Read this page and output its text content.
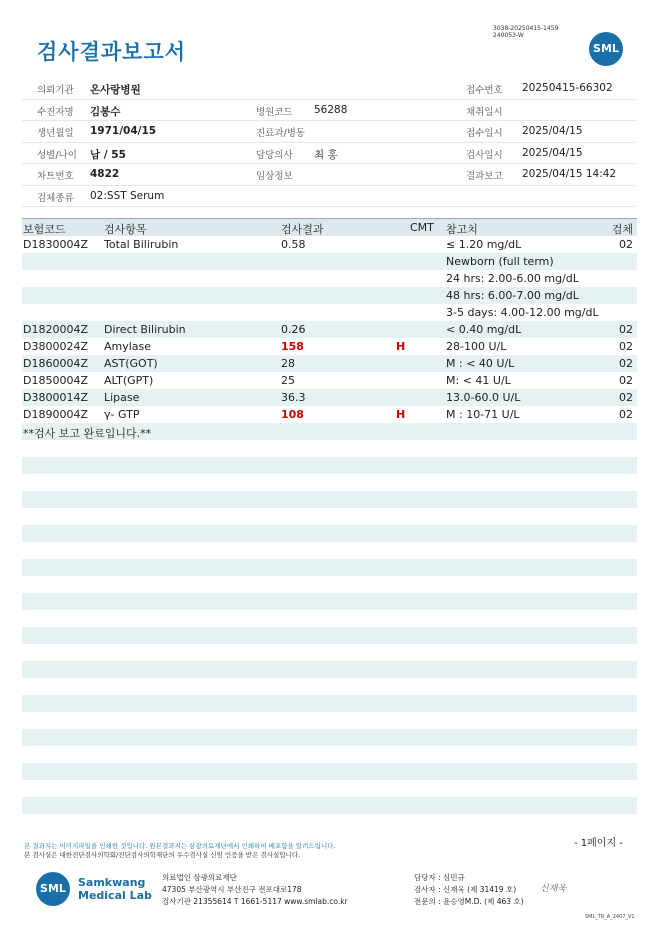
검사결과보고서
3038-20250415-1459
240053-W
SML
의뢰기관 온사랑병원	접수번호 20250415-66302
수진자명 김봉수	병원코드 56288	채취일시
생년월일 1971/04/15	진료과/병동	접수일시 2025/04/15
성별/나이 남 / 55	담당의사 최 홍	검사일시 2025/04/15
차트번호 4822	임상정보	결과보고 2025/04/15 14:42
검체종류 02:SST Serum
보험코드	검사항목	검사결과	CMT 참고치	검체
D1830004Z Total Bilirubin	0.58	≤ 1.20 mg/dL	02
Newborn (full term)
24 hrs: 2.00-6.00 mg/dL
48 hrs: 6.00-7.00 mg/dL
3-5 days: 4.00-12.00 mg/dL
D1820004Z Direct Bilirubin	0.26	< 0.40 mg/dL	02
D3800024Z Amylase	158	H	28-100 U/L	02
D1860004Z AST(GOT)	28	M : < 40 U/L	02
D1850004Z ALT(GPT)	25	M: < 41 U/L	02
D3800014Z Lipase	36.3	13.0-60.0 U/L	02
D1890004Z γ- GTP	108	H	M : 10-71 U/L	02
**검사 보고 완료입니다.**
- 1페이지 -
본 결과지는 이미지파일을 인쇄한 것입니다. 원본결과지는 삼광의료재단에서 인쇄하여 배포함을 알려드립니다.
본 검사실은 대한진단검사의학회/진단검사의학재단의 우수검사실 신임 인증을 받은 검사실입니다.
SML	Samkwang
Medical Lab
의료법인 삼광의료재단
47305 부산광역시 부산진구 전포대로178
검사기관 21355614 T 1661-5117 www.smlab.co.kr
담당자 : 심민규
검사자 : 신재욱 (제 31419 호)
전문의 : 윤승영M.D. (제 463 호)
신재욱
SML_TR_A_2407_V1
